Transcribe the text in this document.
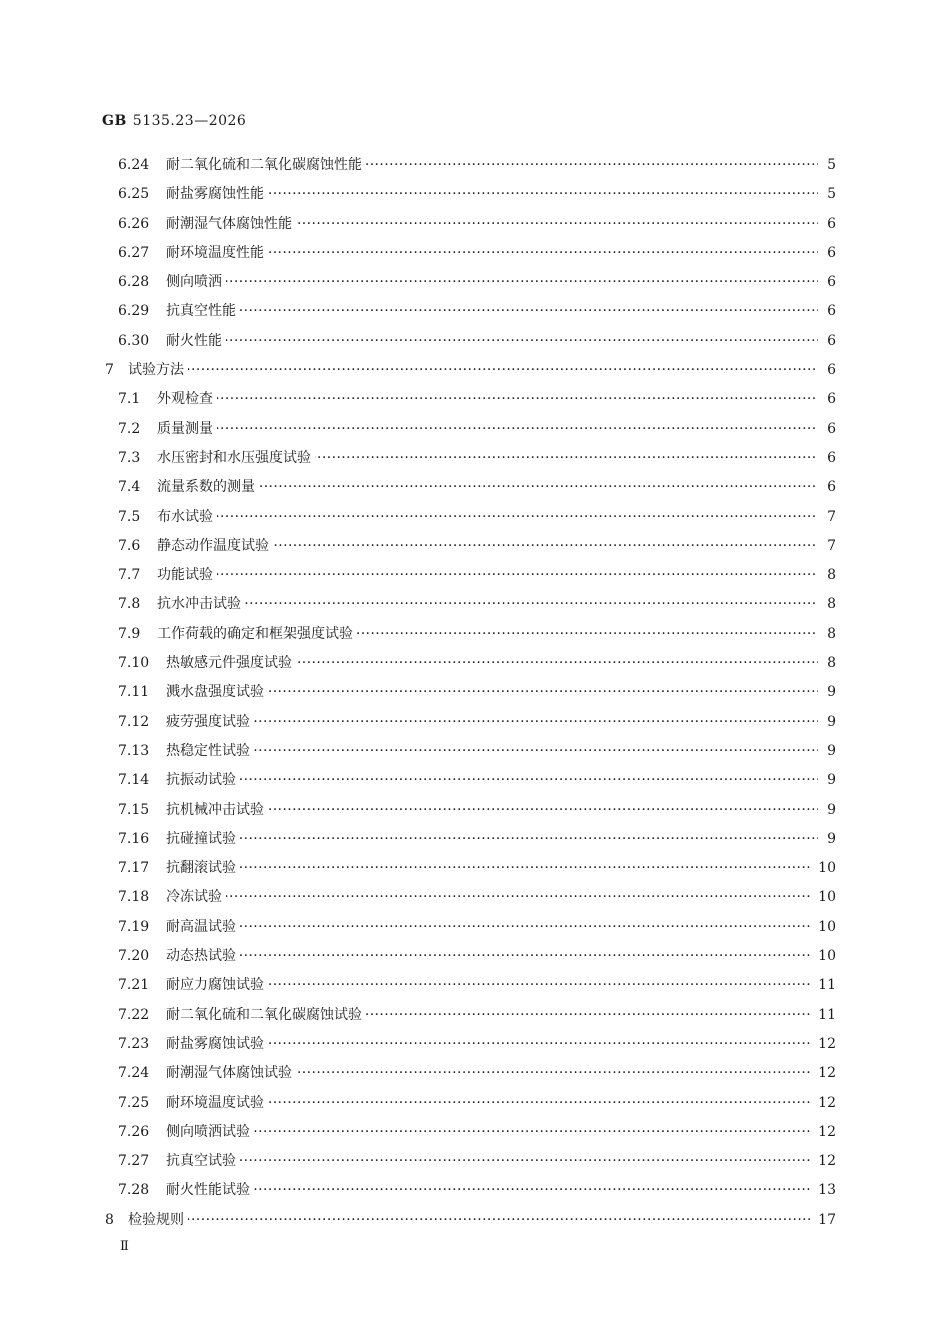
GB 5135.23—2026
·····
6.24 耐二氧化硫和二氧化碳腐蚀性能	5
·····
6.25 耐盐雾腐蚀性能	5
·····
6.26 耐潮湿气体腐蚀性能	6
·····
6.27 耐环境温度性能	6
·····
6.28 侧向喷洒	6
·····
6.29 抗真空性能	6
·····
6.30 耐火性能	6
·····
7 试验方法	6
·····
7.1 外观检查	6
·····
7.2 质量测量	6
·····
7.3 水压密封和水压强度试验	6
·····
7.4 流量系数的测量	6
·····
7.5 布水试验	7
·····
7.6 静态动作温度试验	7
·····
7.7 功能试验	8
·····
7.8 抗水冲击试验	8
·····
7.9 工作荷载的确定和框架强度试验	8
·····
7.10 热敏感元件强度试验	8
·····
7.11 溅水盘强度试验	9
·····
7.12 疲劳强度试验	9
·····
7.13 热稳定性试验	9
·····
7.14 抗振动试验	9
·····
7.15 抗机械冲击试验	9
·····
7.16 抗碰撞试验	9
·····
7.17 抗翻滚试验	10
·····
7.18 冷冻试验	10
·····
7.19 耐高温试验	10
·····
7.20 动态热试验	10
·····
7.21 耐应力腐蚀试验	11
·····
7.22 耐二氧化硫和二氧化碳腐蚀试验	11
·····
7.23 耐盐雾腐蚀试验	12
·····
7.24 耐潮湿气体腐蚀试验	12
·····
7.25 耐环境温度试验	12
·····
7.26 侧向喷洒试验	12
·····
7.27 抗真空试验	12
·····
7.28 耐火性能试验	13
·····
8 检验规则	17
Ⅱ
